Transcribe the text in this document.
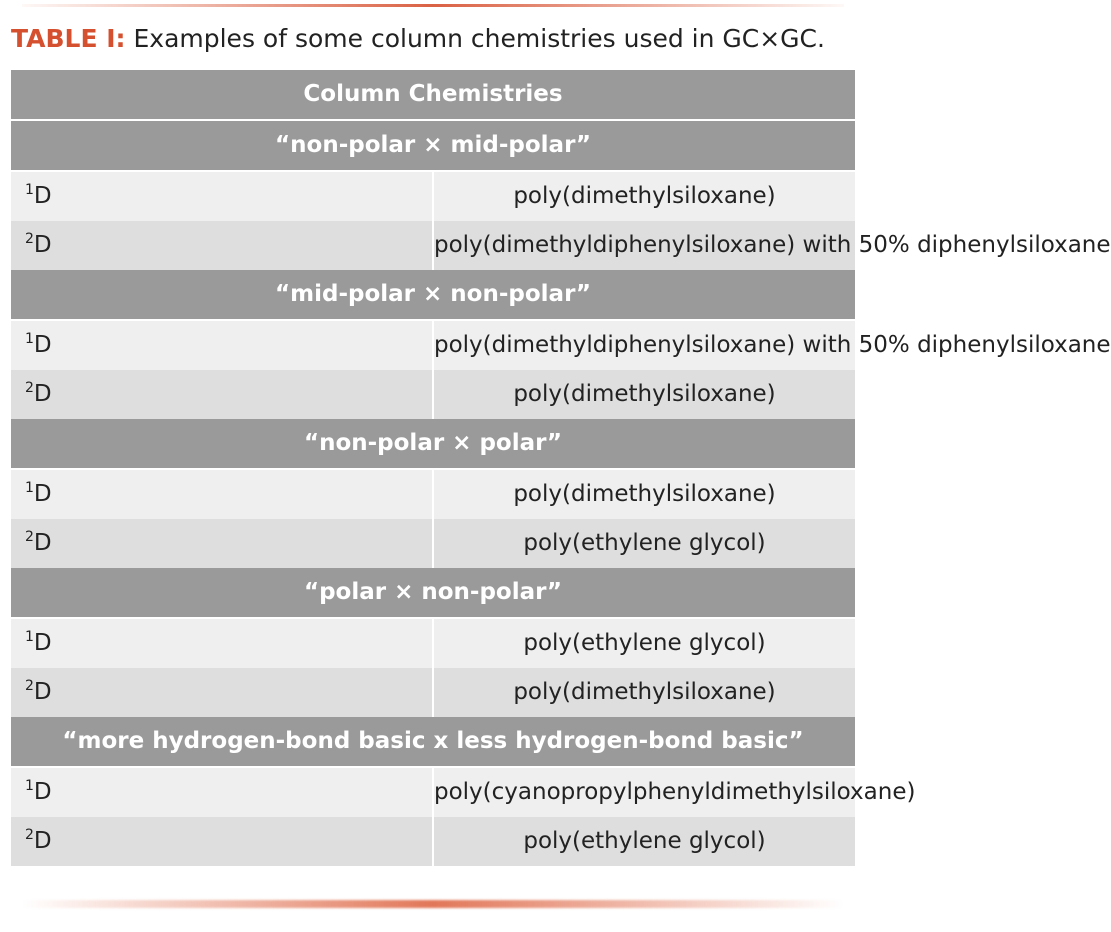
TABLE I: Examples of some column chemistries used in GC×GC.
Column Chemistries	
“non-polar × mid-polar”	
$^1$D	poly(dimethylsiloxane)
$^2$D	poly(dimethyldiphenylsiloxane) with 50% diphenylsiloxane
“mid-polar × non-polar”	
$^1$D	poly(dimethyldiphenylsiloxane) with 50% diphenylsiloxane
$^2$D	poly(dimethylsiloxane)
“non-polar × polar”	
$^1$D	poly(dimethylsiloxane)
$^2$D	poly(ethylene glycol)
“polar × non-polar”	
$^1$D	poly(ethylene glycol)
$^2$D	poly(dimethylsiloxane)
“more hydrogen-bond basic x less hydrogen-bond basic”	
$^1$D	poly(cyanopropylphenyldimethylsiloxane)
$^2$D	poly(ethylene glycol)
